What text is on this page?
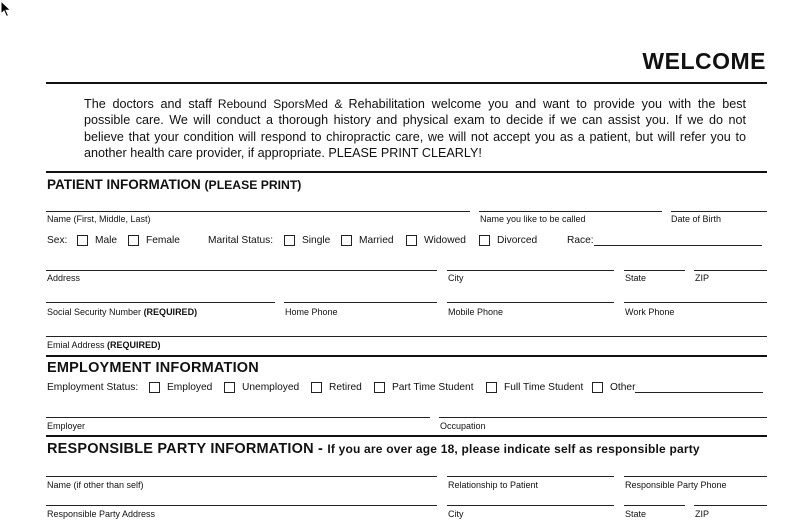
WELCOME
The doctors and staff Rebound SporsMed & Rehabilitation welcome you and want to provide you with the best possible care. We will conduct a thorough history and physical exam to decide if we can assist you. If we do not believe that your condition will respond to chiropractic care, we will not accept you as a patient, but will refer you to another health care provider, if appropriate. PLEASE PRINT CLEARLY!
PATIENT INFORMATION (PLEASE PRINT)
Name (First, Middle, Last)	Name you like to be called	Date of Birth
Sex:	Male	Female	Marital Status:	Single	Married	Widowed	Divorced	Race:
Address	City	State	ZIP
Social Security Number (REQUIRED)	Home Phone	Mobile Phone	Work Phone
Emial Address (REQUIRED)
EMPLOYMENT INFORMATION
Employment Status:	Employed	Unemployed	Retired	Part Time Student	Full Time Student	Other
Employer	Occupation
RESPONSIBLE PARTY INFORMATION - If you are over age 18, please indicate self as responsible party
Name (if other than self)	Relationship to Patient	Responsible Party Phone
Responsible Party Address	City	State	ZIP
